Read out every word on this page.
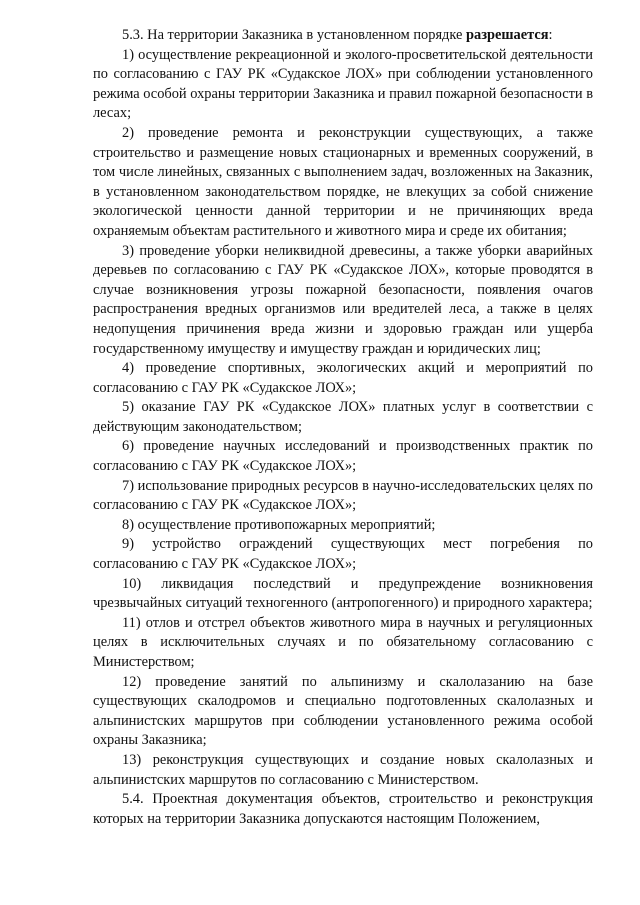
5.3. На территории Заказника в установленном порядке разрешается:

1) осуществление рекреационной и эколого-просветительской деятельности по согласованию с ГАУ РК «Судакское ЛОХ» при соблюдении установленного режима особой охраны территории Заказника и правил пожарной безопасности в лесах;

2) проведение ремонта и реконструкции существующих, а также строительство и размещение новых стационарных и временных сооружений, в том числе линейных, связанных с выполнением задач, возложенных на Заказник, в установленном законодательством порядке, не влекущих за собой снижение экологической ценности данной территории и не причиняющих вреда охраняемым объектам растительного и животного мира и среде их обитания;

3) проведение уборки неликвидной древесины, а также уборки аварийных деревьев по согласованию с ГАУ РК «Судакское ЛОХ», которые проводятся в случае возникновения угрозы пожарной безопасности, появления очагов распространения вредных организмов или вредителей леса, а также в целях недопущения причинения вреда жизни и здоровью граждан или ущерба государственному имуществу и имуществу граждан и юридических лиц;

4) проведение спортивных, экологических акций и мероприятий по согласованию с ГАУ РК «Судакское ЛОХ»;

5) оказание ГАУ РК «Судакское ЛОХ» платных услуг в соответствии с действующим законодательством;

6) проведение научных исследований и производственных практик по согласованию с ГАУ РК «Судакское ЛОХ»;

7) использование природных ресурсов в научно-исследовательских целях по согласованию с ГАУ РК «Судакское ЛОХ»;

8) осуществление противопожарных мероприятий;

9) устройство ограждений существующих мест погребения по согласованию с ГАУ РК «Судакское ЛОХ»;

10) ликвидация последствий и предупреждение возникновения чрезвычайных ситуаций техногенного (антропогенного) и природного характера;

11) отлов и отстрел объектов животного мира в научных и регуляционных целях в исключительных случаях и по обязательному согласованию с Министерством;

12) проведение занятий по альпинизму и скалолазанию на базе существующих скалодромов и специально подготовленных скалолазных и альпинистских маршрутов при соблюдении установленного режима особой охраны Заказника;

13) реконструкция существующих и создание новых скалолазных и альпинистских маршрутов по согласованию с Министерством.

5.4. Проектная документация объектов, строительство и реконструкция которых на территории Заказника допускаются настоящим Положением,
